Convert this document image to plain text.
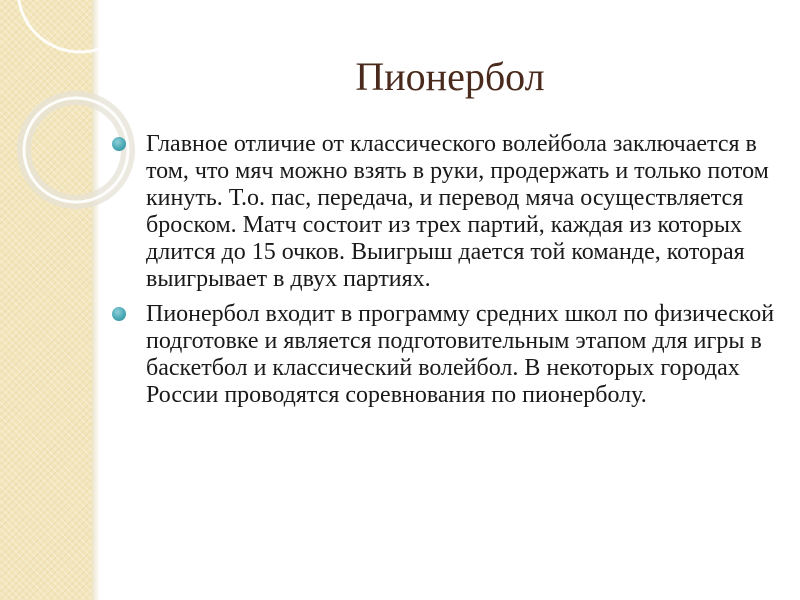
Пионербол
Главное отличие от классического волейбола заключается в том, что мяч можно взять в руки, продержать и только потом кинуть. Т.о. пас, передача, и перевод мяча осуществляется броском. Матч состоит из трех партий, каждая из которых длится до 15 очков. Выигрыш дается той команде, которая выигрывает в двух партиях.
Пионербол входит в программу средних школ по физической подготовке и является подготовительным этапом для игры в баскетбол и классический волейбол. В некоторых городах России проводятся соревнования по пионерболу.
